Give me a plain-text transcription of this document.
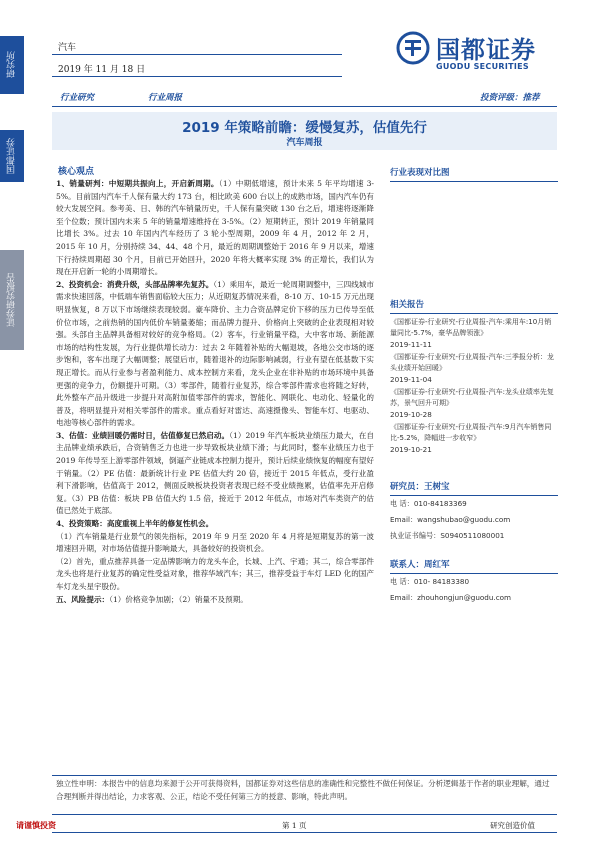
研究所
国都证券
证券研究报告
汽车
2019 年 11 月 18 日
国都证券
GUODU SECURITIES
行业研究	行业周报	投资评级：推荐
2019 年策略前瞻：缓慢复苏，估值先行
汽车周报
核心观点

1、销量研判：中短期共振向上，开启新周期。（1）中期低增速，预计未来 5 年平均增速 3-5%。目前国内汽车千人保有量大约 173 台，相比欧美 600 台以上的成熟市场，国内汽车仍有较大发展空间。参考美、日、韩的汽车销量历史，千人保有量突破 130 台之后，增速将逐渐降至个位数；预计国内未来 5 年的销量增速维持在 3-5%。（2）短期转正，预计 2019 年销量同比增长 3%。过去 10 年国内汽车经历了 3 轮小型周期，2009 年 4 月，2012 年 2 月，2015 年 10 月，分别持续 34、44、48 个月，最近的周期调整始于 2016 年 9 月以来，增速下行持续周期超 30 个月，目前已开始回升，2020 年将大概率实现 3% 的正增长，我们认为现在开启新一轮的小周期增长。

2、投资机会：消费升级，头部品牌率先复苏。（1）乘用车，最近一轮周期调整中，三四线城市需求快速回落，中低端车销售面临较大压力；从近期复苏情况来看，8-10 万、10-15 万元出现明显恢复，8 万以下市场继续表现较弱。豪车降价、主力合资品牌定价下移的压力已传导至低价位市场，之前热销的国内低价车销量萎缩；而品牌力提升、价格向上突破的企业表现相对较强。头部自主品牌具备相对较好的竞争格局。（2）客车，行业销量平稳，大中客市场、新能源市场的结构性发展，为行业提供增长动力：过去 2 年随着补贴的大幅退坡，各地公交市场的逐步饱和，客车出现了大幅调整；展望后市，随着退补的边际影响减弱，行业有望在低基数下实现正增长。而从行业参与者盈利能力、成本控制方来看，龙头企业在非补贴的市场环境中具备更强的竞争力，份额提升可期。（3）零部件，随着行业复苏，综合零部件需求也将随之好转，此外整车产品升级进一步提升对高附加值零部件的需求，智能化、网联化、电动化、轻量化的普及，将明显提升对相关零部件的需求。重点看好对雷达、高速摄像头、智能车灯、电驱动、电池等核心部件的需求。

3、估值：业绩回暖仍需时日，估值修复已然启动。（1）2019 年汽车板块业绩压力最大，在自主品牌业绩承跌后，合资销售乏力也进一步导致板块业绩下滑；与此同时，整车业绩压力也于 2019 年传导至上游零部件领域，倒逼产业链成本控制力提升，预计后续业绩恢复的幅度有望好于销量。（2）PE 估值：最新统计行业 PE 估值大约 20 倍，接近于 2015 年低点，受行业盈利下滑影响，估值高于 2012，侧面反映板块投资者表现已经不受业绩拖累，估值率先开启修复。（3）PB 估值：板块 PB 估值大约 1.5 倍，接近于 2012 年低点，市场对汽车类资产的估值已然处于底部。

4、投资策略：高度重视上半年的修复性机会。

（1）汽车销量是行业景气的领先指标，2019 年 9 月至 2020 年 4 月将是短期复苏的第一波增速回升期，对市场估值提升影响最大，具备较好的投资机会。

（2）首先，重点推荐具备一定品牌影响力的龙头车企，长城、上汽、宇通；其二，综合零部件龙头也将是行业复苏的确定性受益对象，推荐华域汽车；其三，推荐受益于车灯 LED 化的国产车灯龙头星宇股份。

五、风险提示：（1）价格竞争加剧；（2）销量不及预期。

行业表现对比图
相关报告
《国都证券-行业研究-行业周报-汽车:乘用车:10月销量同比-5.7%，豪华品牌领涨》
2019-11-11
《国都证券-行业研究-行业周报-汽车:三季报分析：龙头业绩开始回暖》
2019-11-04
《国都证券-行业研究-行业周报-汽车:龙头业绩率先复苏，景气回升可期》
2019-10-28
《国都证券-行业研究-行业周报-汽车:9月汽车销售同比-5.2%，降幅进一步收窄》
2019-10-21
研究员：王树宝
电 话：010-84183369
Email：wangshubao@guodu.com
执业证书编号：S0940511080001
联系人：周红军
电 话：010- 84183380
Email：zhouhongjun@guodu.com
独立性申明：本报告中的信息均来源于公开可获得资料，国都证券对这些信息的准确性和完整性不做任何保证。分析逻辑基于作者的职业理解，通过合理判断并得出结论，力求客观、公正，结论不受任何第三方的授意、影响，特此声明。
请谨慎投资	第 1 页	研究创造价值
